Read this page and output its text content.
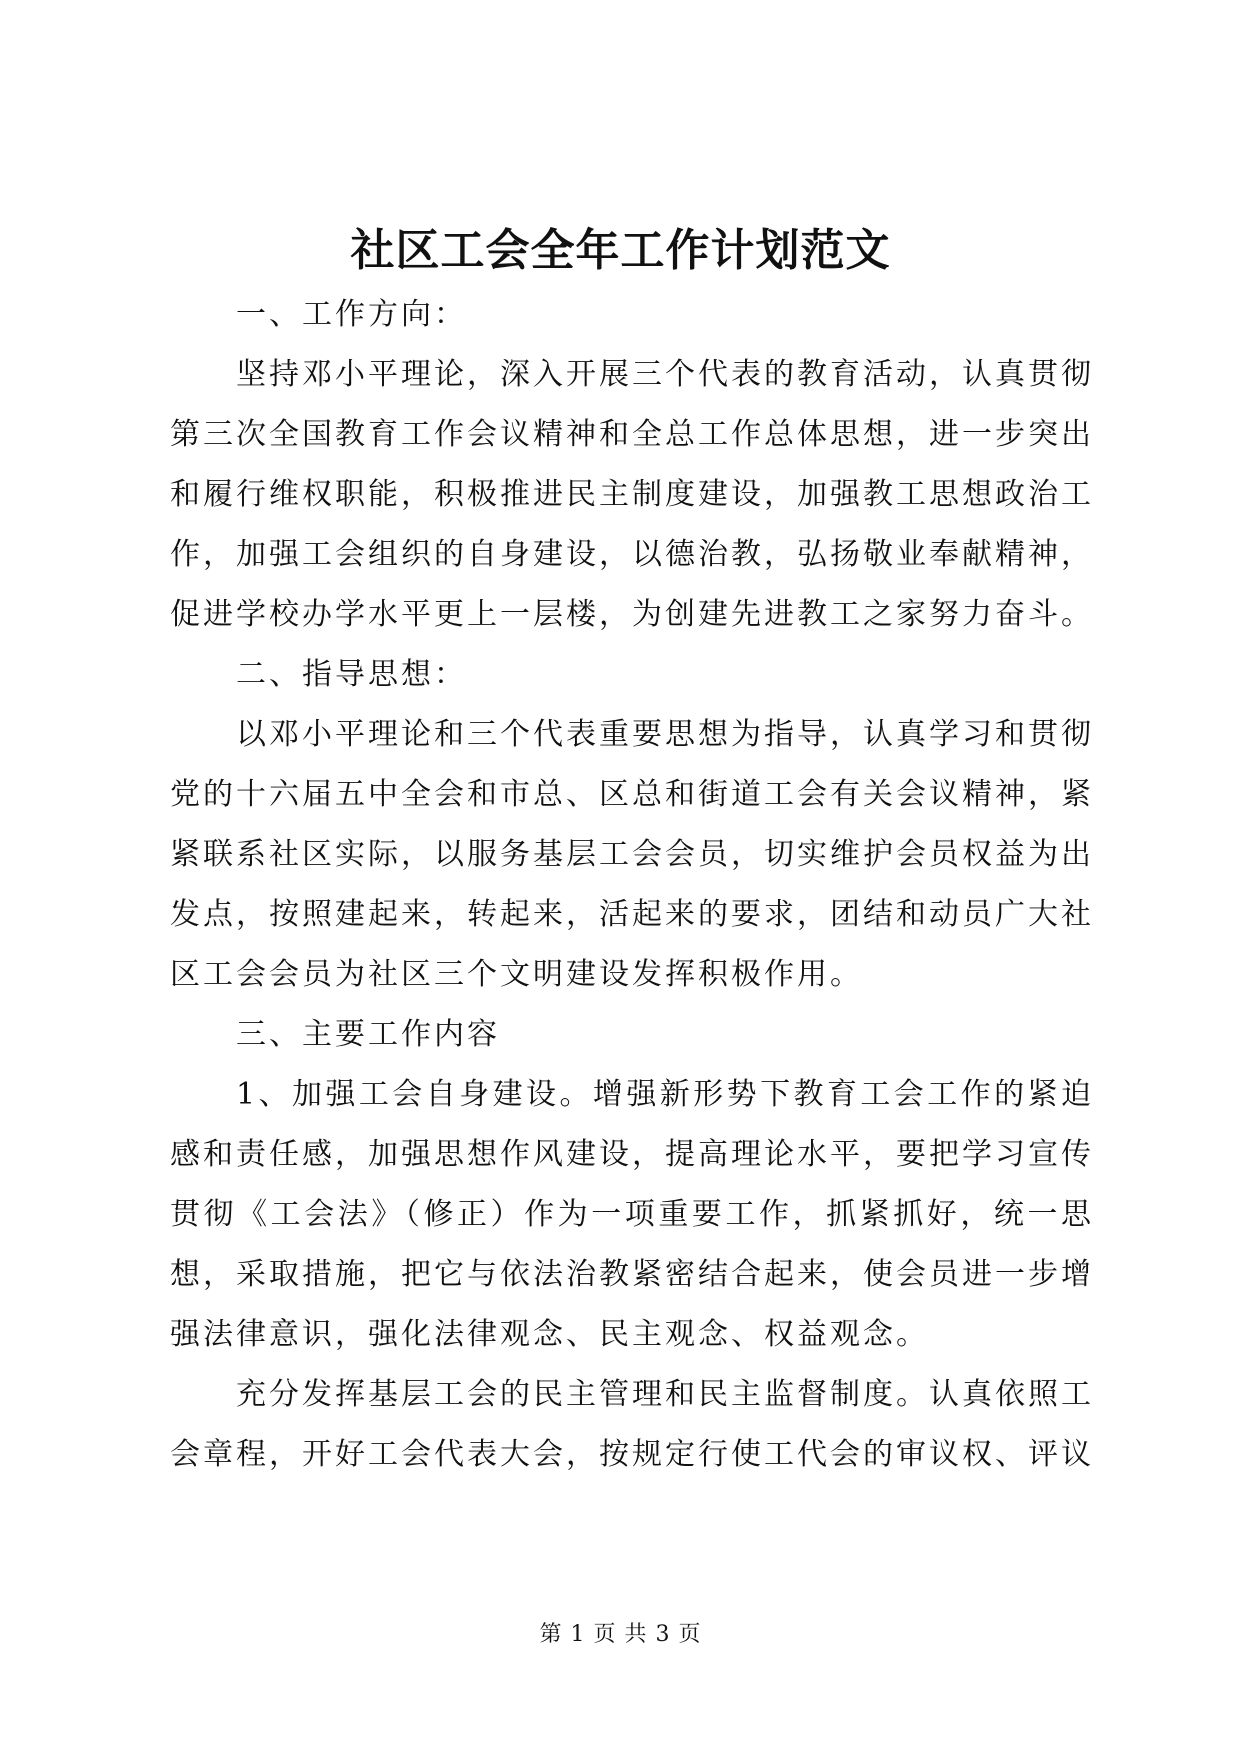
社区工会全年工作计划范文

一、工作方向：

坚持邓小平理论，深入开展三个代表的教育活动，认真贯彻第三次全国教育工作会议精神和全总工作总体思想，进一步突出和履行维权职能，积极推进民主制度建设，加强教工思想政治工作，加强工会组织的自身建设，以德治教，弘扬敬业奉献精神，促进学校办学水平更上一层楼，为创建先进教工之家努力奋斗。

二、指导思想：

以邓小平理论和三个代表重要思想为指导，认真学习和贯彻党的十六届五中全会和市总、区总和街道工会有关会议精神，紧紧联系社区实际，以服务基层工会会员，切实维护会员权益为出发点，按照建起来，转起来，活起来的要求，团结和动员广大社区工会会员为社区三个文明建设发挥积极作用。

三、主要工作内容

1、加强工会自身建设。增强新形势下教育工会工作的紧迫感和责任感，加强思想作风建设，提高理论水平，要把学习宣传贯彻《工会法》（修正）作为一项重要工作，抓紧抓好，统一思想，采取措施，把它与依法治教紧密结合起来，使会员进一步增强法律意识，强化法律观念、民主观念、权益观念。

充分发挥基层工会的民主管理和民主监督制度。认真依照工会章程，开好工会代表大会，按规定行使工代会的审议权、评议

第 1 页 共 3 页
